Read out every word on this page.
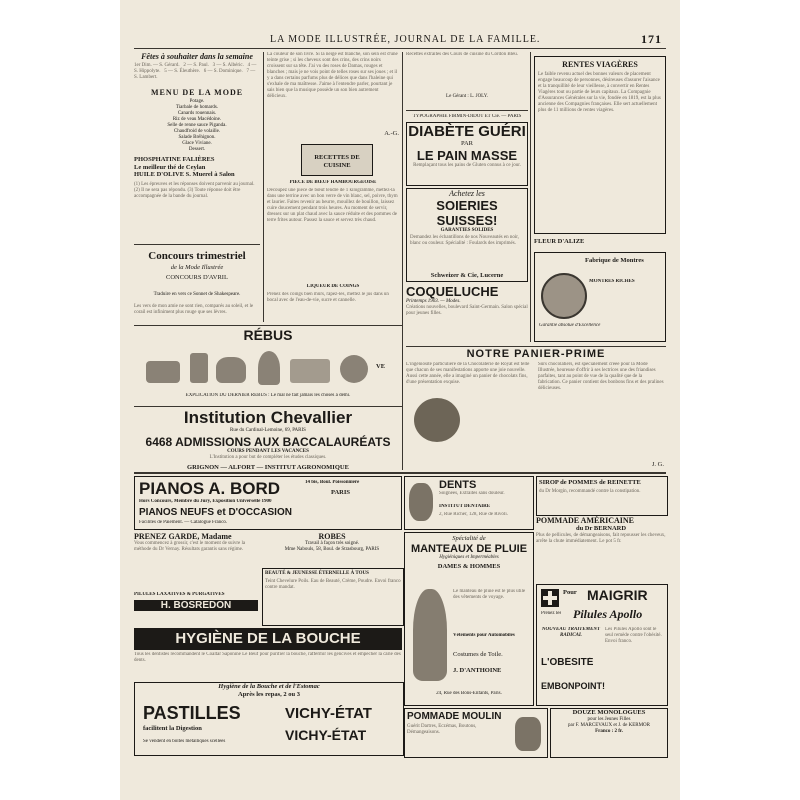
LA MODE ILLUSTRÉE, JOURNAL DE LA FAMILLE.	171
Fêtes à souhaiter dans la semaine
1er Dim. — S. Gérard.   2 — S. Paul.   3 — S. Albéric.   4 — S. Hippolyte.   5 — S. Éleuthère.   6 — S. Dominique.   7 — S. Lambert.
MENU DE LA MODE
Potage.
Tiarbale de homards.
Canards rouennais.
Riz de veau Macédoine.
Selle de renne sauce Piganda.
Chaudfroid de volaille.
Salade Bréhignon.
Glace Viviane.
Dessert.
PHOSPHATINE FALIÈRES
Le meilleur thé de Ceylan
HUILE D'OLIVE S. Muerel à Salon
(1) Les épreuves et les réponses doivent parvenir au journal. (2) Il ne sera pas répondu. (3) Toute réponse doit être accompagnée de la bande du journal.
Concours trimestriel
de la Mode Illustrée
CONCOURS D'AVRIL
Traduire en vers ce Sonnet de Shakespeare.
Les vers de mon amie ne sont rien, comparés au soleil, et le corail est infiniment plus rouge que ses lèvres.
La couleur de son livre. Si la neige est blanche, son sein est d'une teinte grise ; si les cheveux sont des crins, des crins noirs croissent sur sa tête. J'ai vu des roses de Damas, rouges et blanches ; mais je ne vois point de telles roses sur ses joues ; et il y a dans certains parfums plus de délices que dans l'haleine qui s'exhale de ma maîtresse. J'aime à l'entendre parler, pourtant je sais bien que la musique possède un son bien autrement délicieux.
A.-G.
RECETTES DE CUISINE
PIÈCE DE BŒUF HAMBOURGEOISE
Découpez une pièce de bœuf tendre de 1 kilogramme, mettez-la dans une terrine avec un bon verre de vin blanc, sel, poivre, thym et laurier. Faites revenir au beurre, mouillez de bouillon, laissez cuire doucement pendant trois heures. Au moment de servir, dressez sur un plat chaud avec la sauce réduite et des pommes de terre frites autour. Passez la sauce et servez très chaud.
LIQUEUR DE COINGS
Prenez des coings bien mûrs, râpez-les, mettez le jus dans un bocal avec de l'eau-de-vie, sucre et cannelle.
RÉBUS
VE
EXPLICATION DU DERNIER RÉBUS : Le mal ne fait jamais les choses à demi.
Institution Chevallier
Rue du Cardinal-Lemoine, 69, PARIS
6468 ADMISSIONS AUX BACCALAURÉATS
COURS PENDANT LES VACANCES
L'Institution a pour but de compléter les études classiques.
GRIGNON — ALFORT — INSTITUT AGRONOMIQUE
Recettes extraites des Cours de cuisine du Cordon Bleu.
Le Gérant : L. JOLY.
TYPOGRAPHIE FIRMIN-DIDOT ET Cie. — PARIS
DIABÈTE GUÉRI
PAR
LE PAIN MASSE
Remplaçant tous les pains de Gluten connus à ce jour.
Achetez les
SOIERIES SUISSES!
GARANTIES SOLIDES
Demandez les échantillons de nos Nouveautés en noir, blanc ou couleur. Spécialité : Foulards des imprimés.
Schweizer & Cie, Lucerne
COQUELUCHE
Printemps 1903. — Modes.
Créations nouvelles, boulevard Saint-Germain. Salon spécial pour jeunes filles.
RENTES VIAGÈRES
Le faible revenu actuel des bonnes valeurs de placement engage beaucoup de personnes, désireuses d'assurer l'aisance et la tranquillité de leur vieillesse, à convertir en Rentes Viagères tout ou partie de leurs capitaux. La Compagnie d'Assurances Générales sur la vie, fondée en 1819, est la plus ancienne des Compagnies françaises. Elle sert actuellement plus de 11 millions de rentes viagères.
FLEUR D'ALIZE
Fabrique de Montres
MONTRES RICHES
Garantie absolue d'Excellence
NOTRE PANIER-PRIME
L'ingéniosité particulière de la Chocolaterie de Royat est telle que chacun de ses manifestations apporte une joie nouvelle. Aussi cette année, elle a imaginé un panier de chocolats fins, d'une présentation exquise.
Sûrs chocolatiers, est spécialement créée pour la Mode Illustrée, heureuse d'offrir à ses lectrices une des friandises parfaites, tant au point de vue de la qualité que de la fabrication. Ce panier contient des bonbons fins et des pralines délicieuses.
J. G.
PIANOS A. BORD	14 bis, Boul. Poissonnière
PARIS
Hors Concours, Membre du Jury, Exposition Universelle 1900
PIANOS NEUFS et D'OCCASION
Facilités de Paiement. — Catalogue Franco.
DENTS
Soignées, Extraites sans douleur.
INSTITUT DENTAIRE
2, Rue Richer, 128, Rue de Rivoli.
SIROP de POMMES de REINETTE
du Dr Morgin, recommandé contre la constipation.
POMMADE AMÉRICAINE
du Dr BERNARD
Plus de pellicules, de démangeaisons, fait repousser les cheveux, arrête la chute immédiatement. Le pot 5 fr.
PRENEZ GARDE, Madame
Vous commencez à grossir, c'est le moment de suivre la méthode du Dr Vernay. Résultats garantis sans régime.
ROBES
Travail à façon très soigné.
Mme Nabouls, 58, Boul. de Strasbourg, PARIS
BEAUTÉ & JEUNESSE ÉTERNELLE À TOUS
Teint Chevelure Poils. Eau de Beauté, Crème, Poudre. Envoi franco contre mandat.
PILULES LAXATIVES & PURGATIVES
H. BOSREDON
Spécialité de
MANTEAUX DE PLUIE
Hygiéniques et Imperméables
DAMES & HOMMES
Le manteau de pluie est le plus utile des vêtements de voyage.
Vêtements pour Automobiles
Costumes de Toile.
J. D'ANTHOINE
24, Rue des Bons-Enfants, Paris.
HYGIÈNE DE LA BOUCHE
Tous les dentistes recommandent le Coaltar Saponiné Le Beuf pour purifier la bouche, raffermir les gencives et empêcher la carie des dents.
Hygiène de la Bouche et de l'Estomac
Après les repas, 2 ou 3
PASTILLES	VICHY-ÉTAT
facilitent la Digestion	VICHY-ÉTAT
Se vendent en boîtes métalliques scellées
Pour MAIGRIR
Prenez les Pilules Apollo
NOUVEAU TRAITEMENT RADICAL
L'OBÉSITÉ
EMBONPOINT!
Les Pilules Apollo sont le seul remède contre l'obésité. Envoi franco.
POMMADE MOULIN
Guérit Dartres, Eczémas, Boutons, Démangeaisons.
DOUZE MONOLOGUES
pour les Jeunes Filles
par F. MARCEVAUX et J. de KERMOR
Franco : 2 fr.
